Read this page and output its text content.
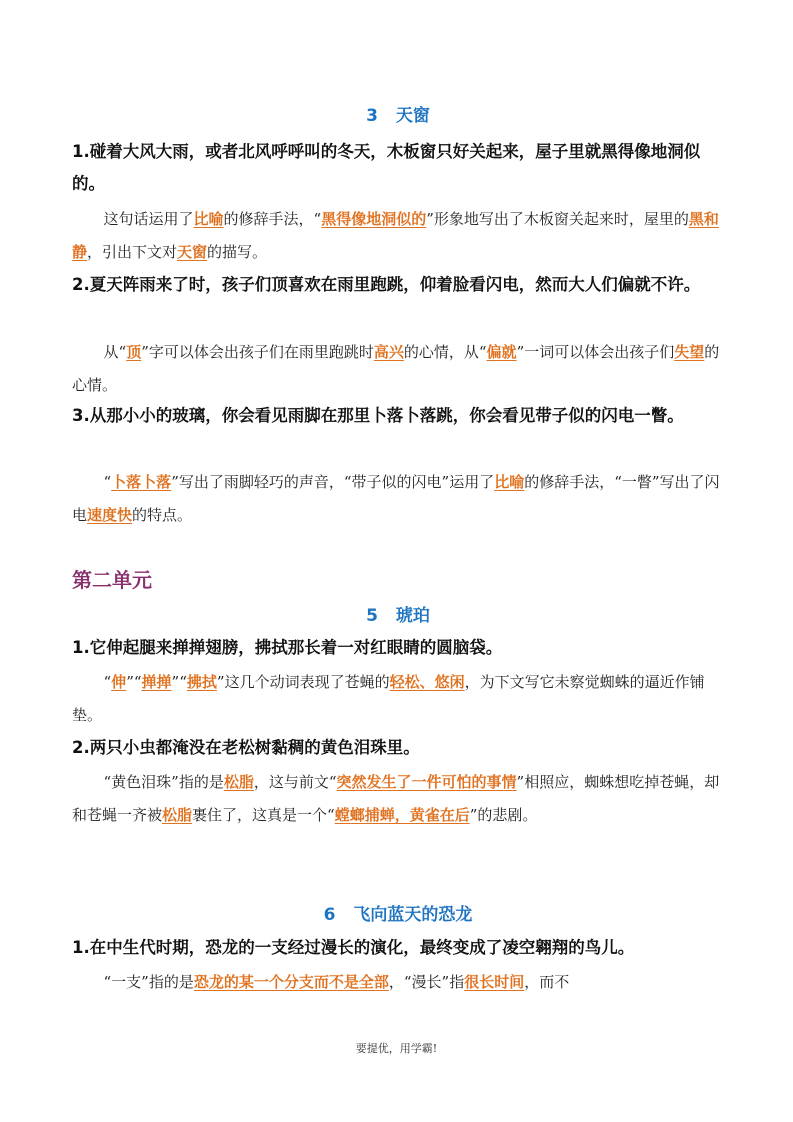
3 天窗
1.碰着大风大雨，或者北风呼呼叫的冬天，木板窗只好关起来，屋子里就黑得像地洞似的。
这句话运用了比喻的修辞手法，“黑得像地洞似的”形象地写出了木板窗关起来时，屋里的黑和静，引出下文对天窗的描写。
2.夏天阵雨来了时，孩子们顶喜欢在雨里跑跳，仰着脸看闪电，然而大人们偏就不许。
从“顶”字可以体会出孩子们在雨里跑跳时高兴的心情，从“偏就”一词可以体会出孩子们失望的心情。
3.从那小小的玻璃，你会看见雨脚在那里卜落卜落跳，你会看见带子似的闪电一瞥。
“卜落卜落”写出了雨脚轻巧的声音，“带子似的闪电”运用了比喻的修辞手法，“一瞥”写出了闪电速度快的特点。
第二单元
5 琥珀
1.它伸起腿来掸掸翅膀，拂拭那长着一对红眼睛的圆脑袋。
“伸”“掸掸”“拂拭”这几个动词表现了苍蝇的轻松、悠闲，为下文写它未察觉蜘蛛的逼近作铺垫。
2.两只小虫都淹没在老松树黏稠的黄色泪珠里。
“黄色泪珠”指的是松脂，这与前文“突然发生了一件可怕的事情”相照应，蜘蛛想吃掉苍蝇，却和苍蝇一齐被松脂裹住了，这真是一个“螳螂捕蝉，黄雀在后”的悲剧。
6 飞向蓝天的恐龙
1.在中生代时期，恐龙的一支经过漫长的演化，最终变成了凌空翱翔的鸟儿。
“一支”指的是恐龙的某一个分支而不是全部，“漫长”指很长时间，而不
要提优，用学霸!
